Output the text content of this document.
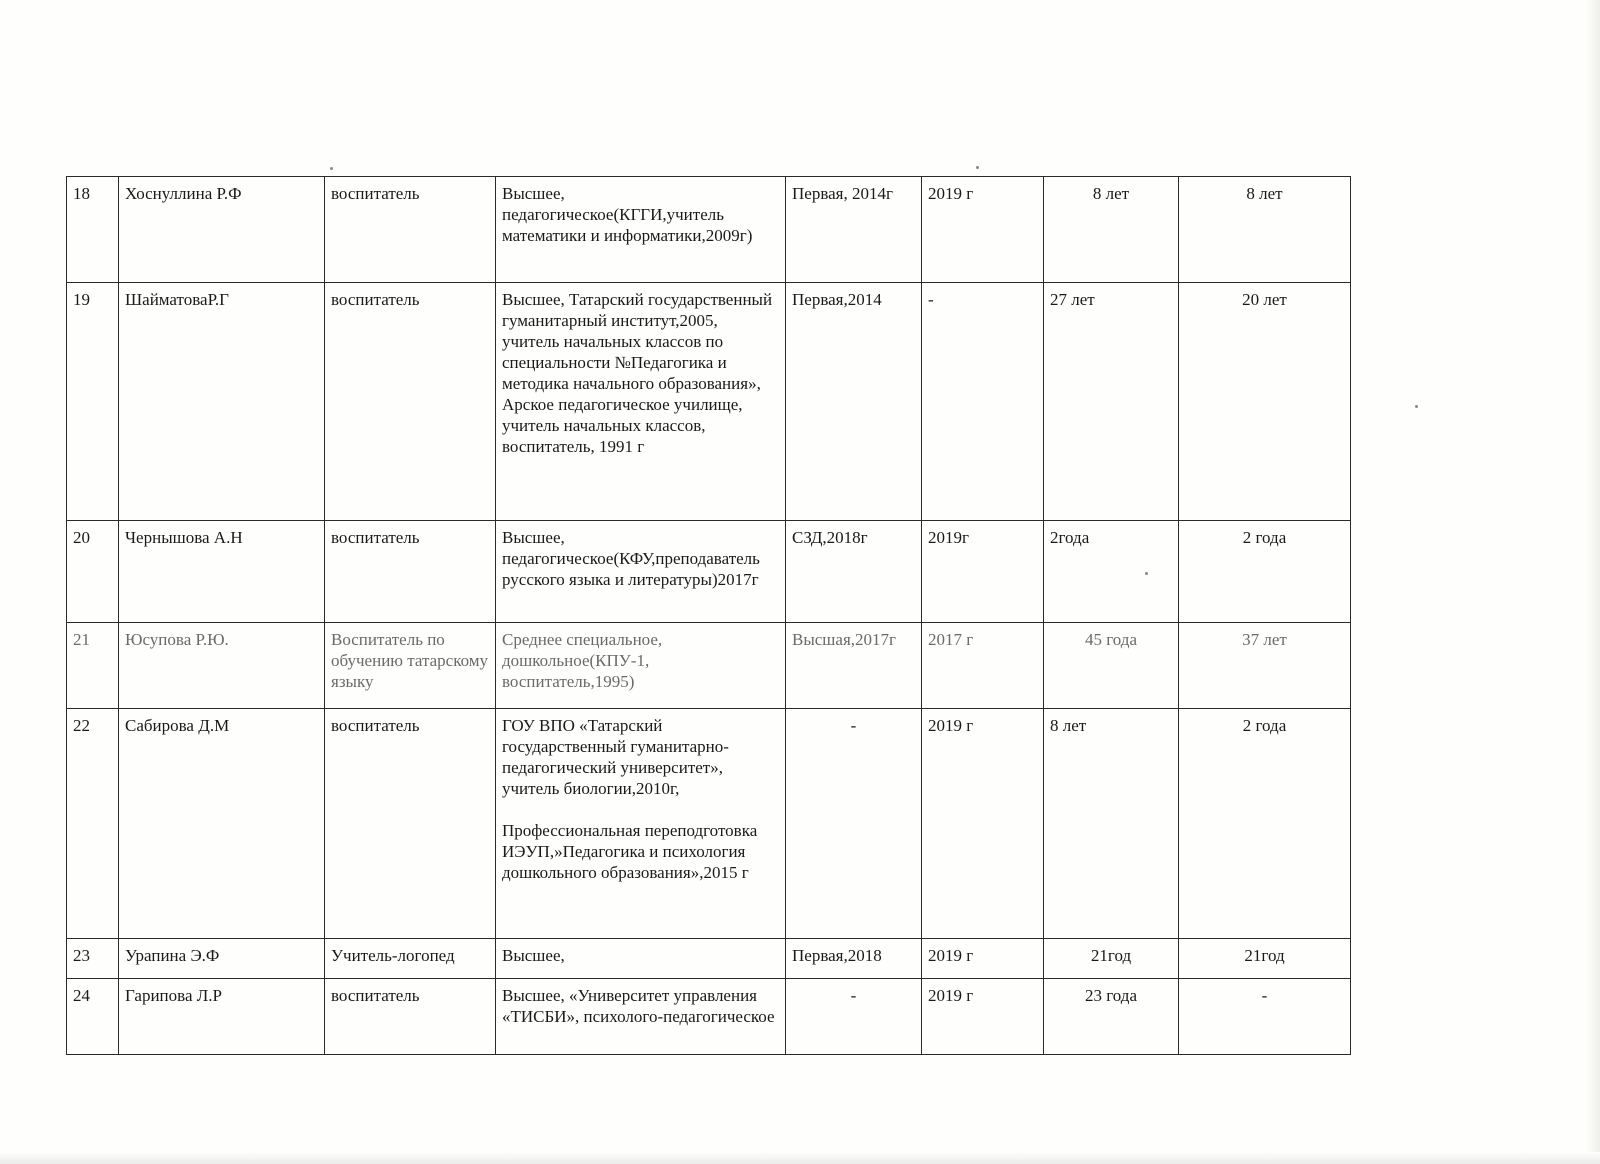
18	Хоснуллина Р.Ф	воспитатель	Высшее, педагогическое(КГГИ,учитель математики и информатики,2009г)	Первая, 2014г	2019 г	8 лет	8 лет
19	ШайматоваР.Г	воспитатель	Высшее, Татарский государственный гуманитарный институт,2005, учитель начальных классов по специальности №Педагогика и методика начального образования», Арское педагогическое училище, учитель начальных классов, воспитатель, 1991 г	Первая,2014	-	27 лет	20 лет
20	Чернышова А.Н	воспитатель	Высшее, педагогическое(КФУ,преподаватель русского языка и литературы)2017г	СЗД,2018г	2019г	2года	2 года
21	Юсупова Р.Ю.	Воспитатель по обучению татарскому языку	Среднее специальное, дошкольное(КПУ-1, воспитатель,1995)	Высшая,2017г	2017 г	45 года	37 лет
22	Сабирова Д.М	воспитатель	ГОУ ВПО «Татарский государственный гуманитарно-педагогический университет», учитель биологии,2010г,
Профессиональная переподготовка ИЭУП,»Педагогика и психология дошкольного образования»,2015 г	-	2019 г	8 лет	2 года
23	Урапина Э.Ф	Учитель-логопед	Высшее,	Первая,2018	2019 г	21год	21год
24	Гарипова Л.Р	воспитатель	Высшее, «Университет управления «ТИСБИ», психолого-педагогическое	-	2019 г	23 года	-
